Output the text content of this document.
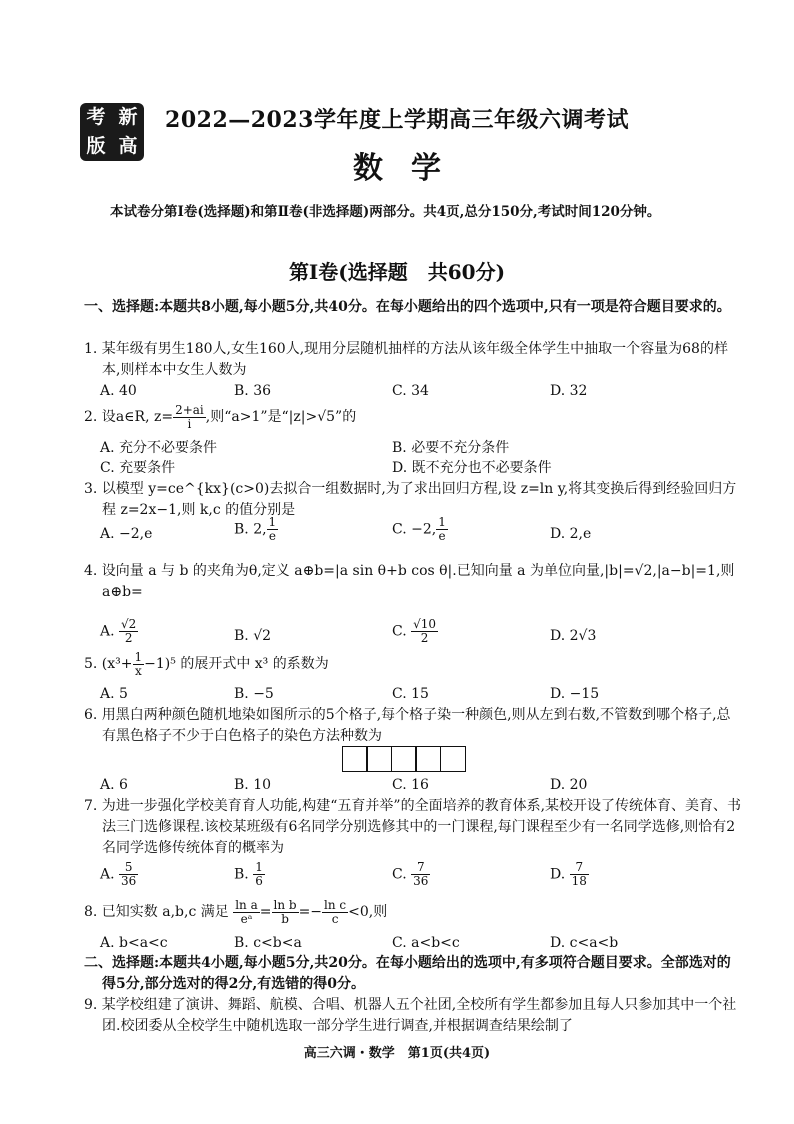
考 新
版 高
2022—2023学年度上学期高三年级六调考试
数学
本试卷分第Ⅰ卷(选择题)和第Ⅱ卷(非选择题)两部分。共4页,总分150分,考试时间120分钟。
第Ⅰ卷(选择题　共60分)
一、选择题:本题共8小题,每小题5分,共40分。在每小题给出的四个选项中,只有一项是符合题目要求的。
1. 某年级有男生180人,女生160人,现用分层随机抽样的方法从该年级全体学生中抽取一个容量为68的样本,则样本中女生人数为
A. 40	B. 36	C. 34	D. 32
2. 设a∈R, $z= \frac{2+ai}{i}$ ,则“a>1”是“|z|>√5”的
A. 充分不必要条件	B. 必要不充分条件
C. 充要条件	D. 既不充分也不必要条件
3. 以模型 y=ce^{kx}(c>0)去拟合一组数据时,为了求出回归方程,设 z=ln y,将其变换后得到经验回归方程 z=2x−1,则 k,c 的值分别是
A. −2,e	B. 2, $\frac{1}{e}$	C. −2, $\frac{1}{e}$	D. 2,e
4. 设向量 a 与 b 的夹角为θ,定义 a⊕b=|a sin θ+b cos θ|.已知向量 a 为单位向量,|b|=√2,|a−b|=1,则 a⊕b=
A. $\frac{√2}{2}$	B. √2	C. $\frac{√10}{2}$	D. 2√3
5. $(x^3+ \frac{1}{x} -1)^5$ 的展开式中 x³ 的系数为
A. 5	B. −5	C. 15	D. −15
6. 用黑白两种颜色随机地染如图所示的5个格子,每个格子染一种颜色,则从左到右数,不管数到哪个格子,总有黑色格子不少于白色格子的染色方法种数为
A. 6	B. 10	C. 16	D. 20
7. 为进一步强化学校美育育人功能,构建“五育并举”的全面培养的教育体系,某校开设了传统体育、美育、书法三门选修课程.该校某班级有6名同学分别选修其中的一门课程,每门课程至少有一名同学选修,则恰有2名同学选修传统体育的概率为
A. $\frac{5}{36}$	B. $\frac{1}{6}$	C. $\frac{7}{36}$	D. $\frac{7}{18}$
8. 已知实数 a,b,c 满足 $\frac{\text{ln a}}{\text{eᵃ}} = \frac{\text{ln b}}{b} =- \frac{\text{ln c}}{c} <0$,则
A. b<a<c	B. c<b<a	C. a<b<c	D. c<a<b
二、选择题:本题共4小题,每小题5分,共20分。在每小题给出的选项中,有多项符合题目要求。全部选对的得5分,部分选对的得2分,有选错的得0分。
9. 某学校组建了演讲、舞蹈、航模、合唱、机器人五个社团,全校所有学生都参加且每人只参加其中一个社团.校团委从全校学生中随机选取一部分学生进行调查,并根据调查结果绘制了
高三六调・数学　第1页(共4页)
